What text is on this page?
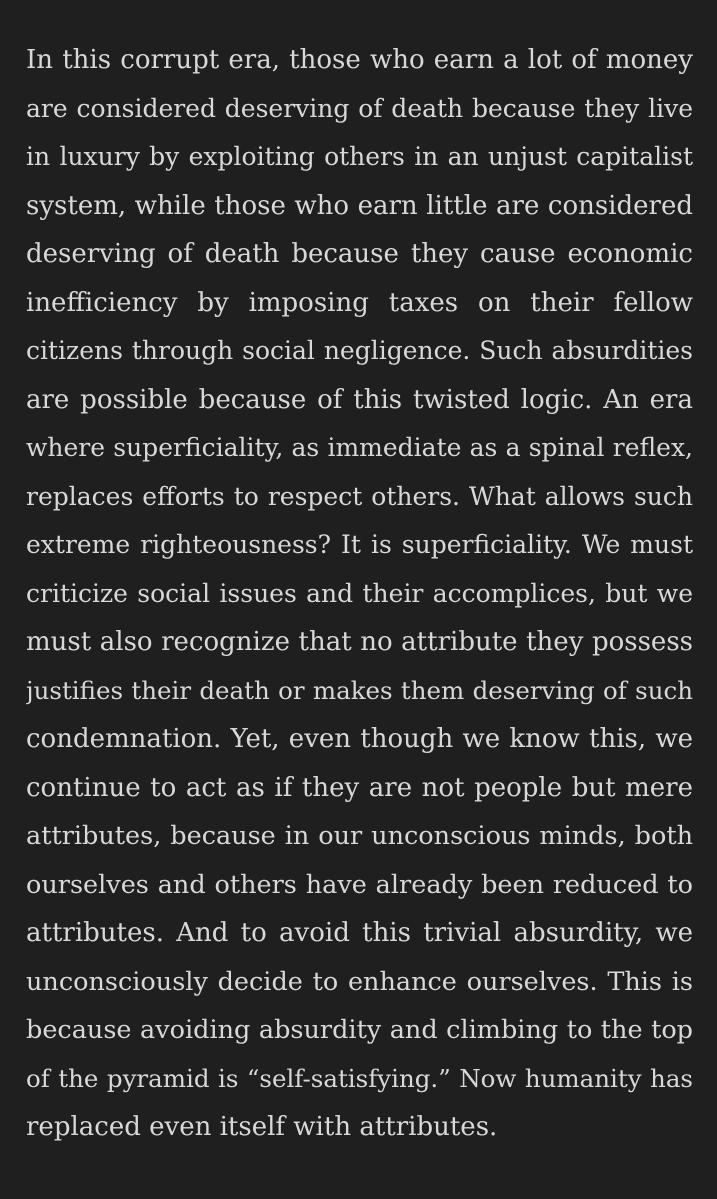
In this corrupt era, those who earn a lot of money
are considered deserving of death because they live
in luxury by exploiting others in an unjust capitalist
system, while those who earn little are considered
deserving of death because they cause economic
inefficiency by imposing taxes on their fellow
citizens through social negligence. Such absurdities
are possible because of this twisted logic. An era
where superficiality, as immediate as a spinal reflex,
replaces efforts to respect others. What allows such
extreme righteousness? It is superficiality. We must
criticize social issues and their accomplices, but we
must also recognize that no attribute they possess
justifies their death or makes them deserving of such
condemnation. Yet, even though we know this, we
continue to act as if they are not people but mere
attributes, because in our unconscious minds, both
ourselves and others have already been reduced to
attributes. And to avoid this trivial absurdity, we
unconsciously decide to enhance ourselves. This is
because avoiding absurdity and climbing to the top
of the pyramid is “self-satisfying.” Now humanity has
replaced even itself with attributes.
